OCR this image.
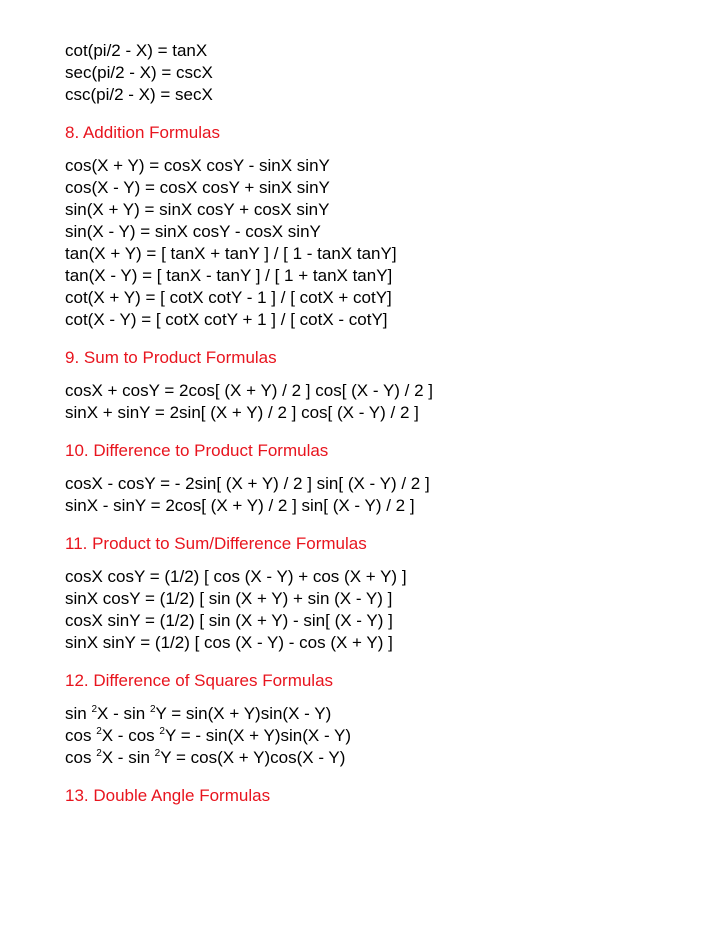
cot(pi/2 - X) = tanX
sec(pi/2 - X) = cscX
csc(pi/2 - X) = secX
8. Addition Formulas
cos(X + Y) = cosX cosY - sinX sinY
cos(X - Y) = cosX cosY + sinX sinY
sin(X + Y) = sinX cosY + cosX sinY
sin(X - Y) = sinX cosY - cosX sinY
tan(X + Y) = [ tanX + tanY ] / [ 1 - tanX tanY]
tan(X - Y) = [ tanX - tanY ] / [ 1 + tanX tanY]
cot(X + Y) = [ cotX cotY - 1 ] / [ cotX + cotY]
cot(X - Y) = [ cotX cotY + 1 ] / [ cotX - cotY]
9. Sum to Product Formulas
cosX + cosY = 2cos[ (X + Y) / 2 ] cos[ (X - Y) / 2 ]
sinX + sinY = 2sin[ (X + Y) / 2 ] cos[ (X - Y) / 2 ]
10. Difference to Product Formulas
cosX - cosY = - 2sin[ (X + Y) / 2 ] sin[ (X - Y) / 2 ]
sinX - sinY = 2cos[ (X + Y) / 2 ] sin[ (X - Y) / 2 ]
11. Product to Sum/Difference Formulas
cosX cosY = (1/2) [ cos (X - Y) + cos (X + Y) ]
sinX cosY = (1/2) [ sin (X + Y) + sin (X - Y) ]
cosX sinY = (1/2) [ sin (X + Y) - sin[ (X - Y) ]
sinX sinY = (1/2) [ cos (X - Y) - cos (X + Y) ]
12. Difference of Squares Formulas
sin $^2$X - sin $^2$Y = sin(X + Y)sin(X - Y)
cos $^2$X - cos $^2$Y = - sin(X + Y)sin(X - Y)
cos $^2$X - sin $^2$Y = cos(X + Y)cos(X - Y)
13. Double Angle Formulas
